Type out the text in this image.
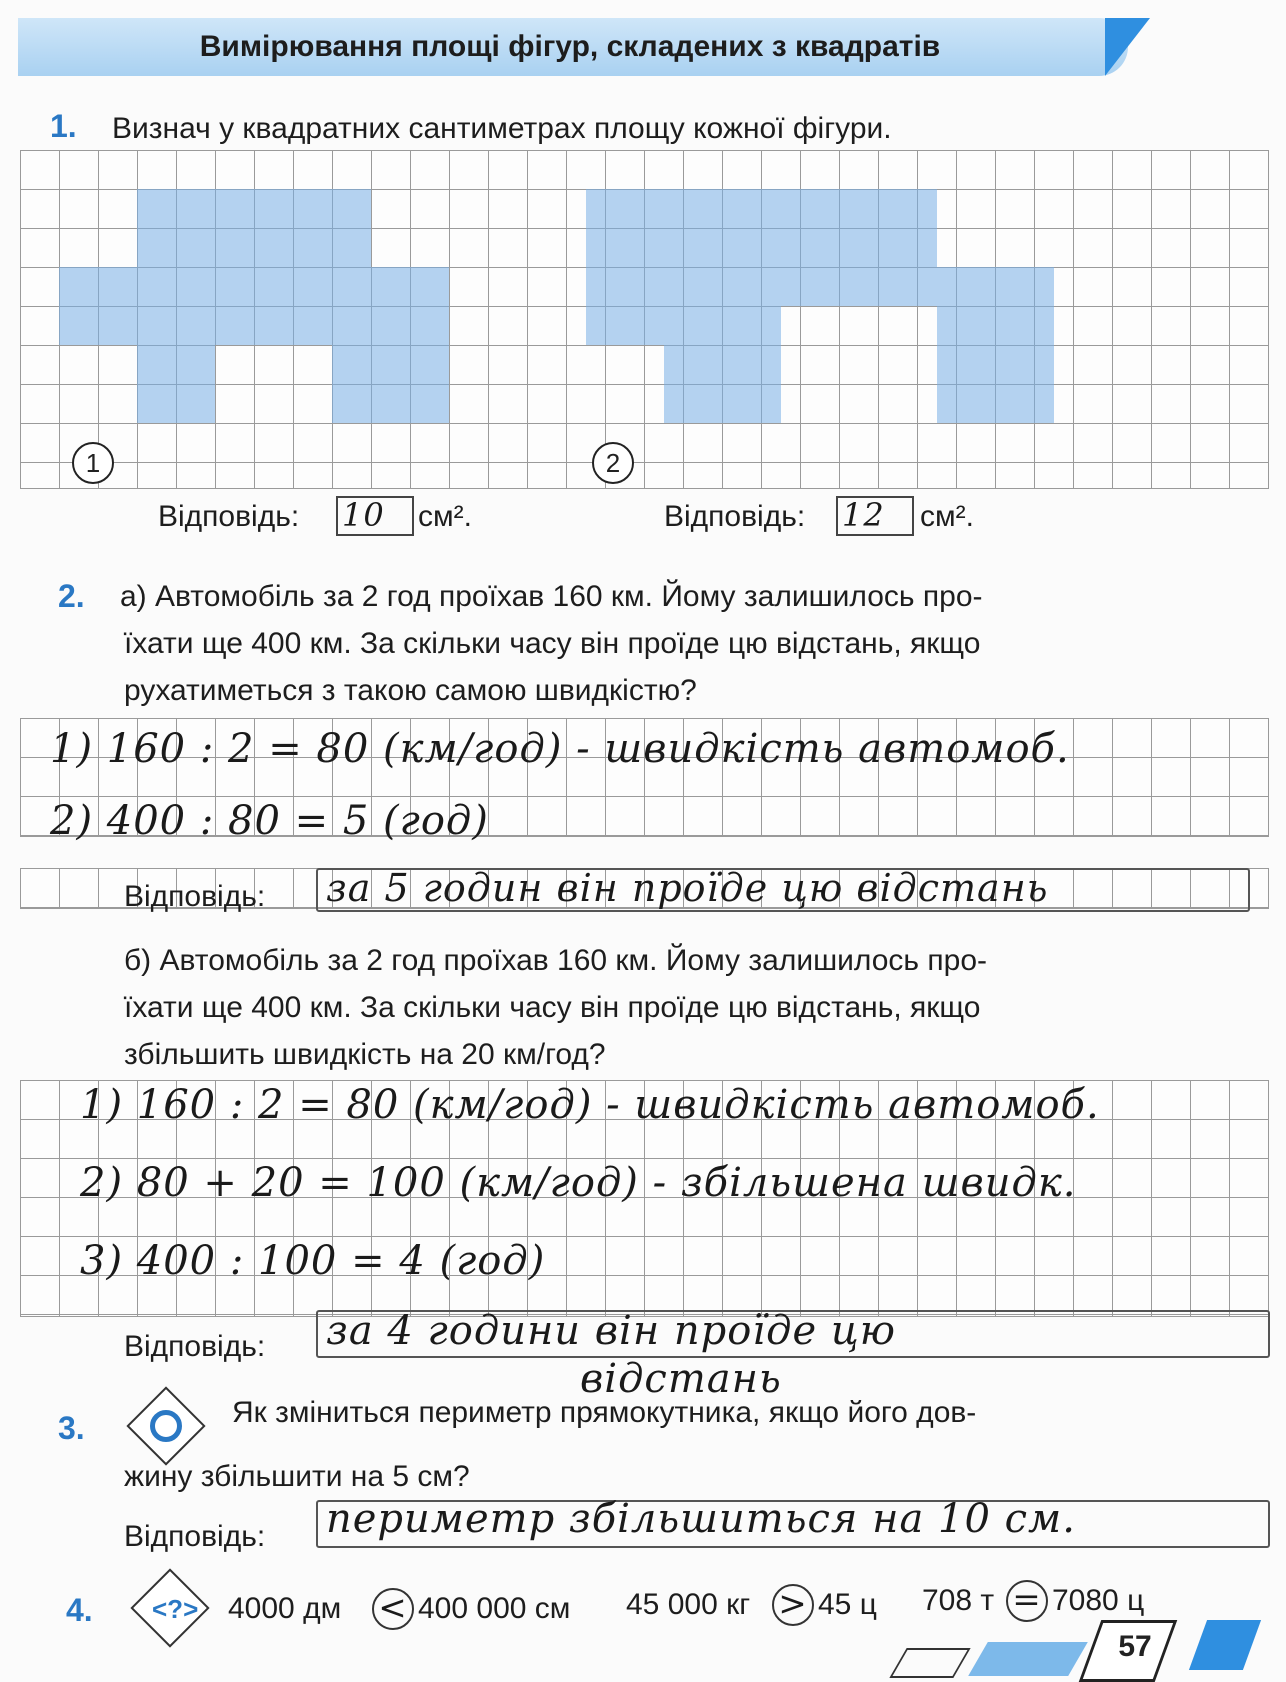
Вимірювання площі фігур, складених з квадратів
1. Визнач у квадратних сантиметрах площу кожної фігури.
1	2
Відповідь: 10 см².	Відповідь: 12 см².
2. а) Автомобіль за 2 год проїхав 160 км. Йому залишилось про-
їхати ще 400 км. За скільки часу він проїде цю відстань, якщо
рухатиметься з такою самою швидкістю?
1) 160 : 2 = 80 (км/год) - швидкість автомоб.
2) 400 : 80 = 5 (год)
Відповідь: за 5 годин він проїде цю відстань
б) Автомобіль за 2 год проїхав 160 км. Йому залишилось про-
їхати ще 400 км. За скільки часу він проїде цю відстань, якщо
збільшить швидкість на 20 км/год?
1) 160 : 2 = 80 (км/год) - швидкість автомоб.
2) 80 + 20 = 100 (км/год) - збільшена швидк.
3) 400 : 100 = 4 (год)
Відповідь: за 4 години він проїде цю
відстань
3.	Як зміниться периметр прямокутника, якщо його дов-
жину збільшити на 5 см?
Відповідь: периметр збільшиться на 10 см.
4. <?> 4000 дм < 400 000 см 45 000 кг > 45 ц 708 т = 7080 ц
57
